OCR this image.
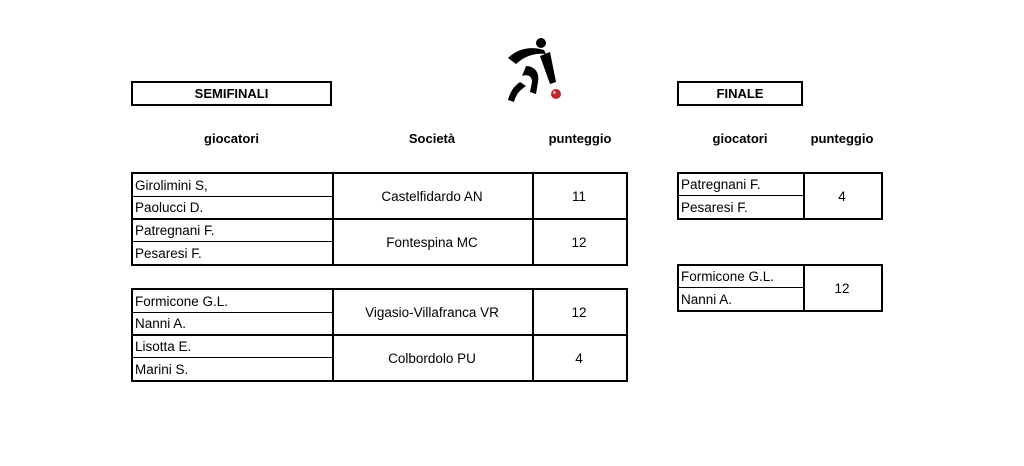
SEMIFINALI	FINALE
giocatori	Società	punteggio	giocatori	punteggio
Girolimini S,
Paolucci D.
Castelfidardo AN	11
Patregnani F.
Pesaresi F.
Fontespina MC	12
Formicone G.L.
Nanni A.
Vigasio-Villafranca VR	12
Lisotta E.
Marini S.
Colbordolo PU	4
Patregnani F.
Pesaresi F.
4
Formicone G.L.
Nanni A.
12
